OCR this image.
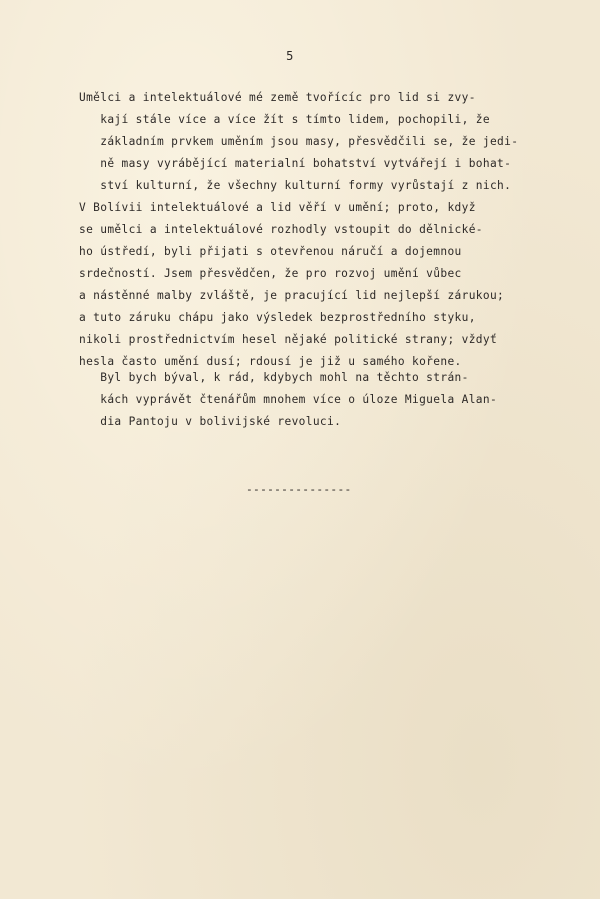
5
Umělci a intelektuálové mé země tvořícíc pro lid si zvy-
kají stále více a více žít s tímto lidem, pochopili, že
základním prvkem uměním jsou masy, přesvědčili se, že jedi-
ně masy vyrábějící materialní bohatství vytvářejí i bohat-
ství kulturní, že všechny kulturní formy vyrůstají z nich.
V Bolívii intelektuálové a lid věří v umění; proto, když
se umělci a intelektuálové rozhodly vstoupit do dělnické-
ho ústředí, byli přijati s otevřenou náručí a dojemnou
srdečností. Jsem přesvědčen, že pro rozvoj umění vůbec
a nástěnné malby zvláště, je pracující lid nejlepší zárukou;
a tuto záruku chápu jako výsledek bezprostředního styku,
nikoli prostřednictvím hesel nějaké politické strany; vždyť
hesla často umění dusí; rdousí je již u samého kořene.
Byl bych býval, k rád, kdybych mohl na těchto strán-
kách vyprávět čtenářům mnohem více o úloze Miguela Alan-
dia Pantoju v bolivijské revoluci.
---------------
